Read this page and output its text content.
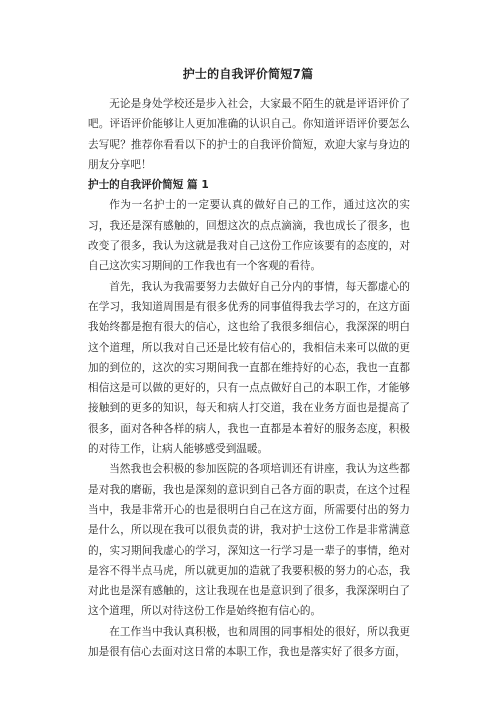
护士的自我评价简短7篇

无论是身处学校还是步入社会，大家最不陌生的就是评语评价了吧。评语评价能够让人更加准确的认识自己。你知道评语评价要怎么去写呢？推荐你看看以下的护士的自我评价简短，欢迎大家与身边的朋友分享吧！

护士的自我评价简短 篇 1

作为一名护士的一定要认真的做好自己的工作，通过这次的实习，我还是深有感触的，回想这次的点点滴滴，我也成长了很多，也改变了很多，我认为这就是我对自己这份工作应该要有的态度的，对自己这次实习期间的工作我也有一个客观的看待。

首先，我认为我需要努力去做好自己分内的事情，每天都虚心的在学习，我知道周围是有很多优秀的同事值得我去学习的，在这方面我始终都是抱有很大的信心，这也给了我很多细信心，我深深的明白这个道理，所以我对自己还是比较有信心的，我相信未来可以做的更加的到位的，这次的实习期间我一直都在维持好的心态，我也一直都相信这是可以做的更好的，只有一点点做好自己的本职工作，才能够接触到的更多的知识，每天和病人打交道，我在业务方面也是提高了很多，面对各种各样的病人，我也一直都是本着好的服务态度，积极的对待工作，让病人能够感受到温暖。

当然我也会积极的参加医院的各项培训还有讲座，我认为这些都是对我的磨砺，我也是深刻的意识到自己各方面的职责，在这个过程当中，我是非常开心的也是很明白自己在这方面，所需要付出的努力是什么，所以现在我可以很负责的讲，我对护士这份工作是非常满意的，实习期间我虚心的学习，深知这一行学习是一辈子的事情，绝对是容不得半点马虎，所以就更加的造就了我要积极的努力的心态，我对此也是深有感触的，这让我现在也是意识到了很多，我深深明白了这个道理，所以对待这份工作是始终抱有信心的。

在工作当中我认真积极，也和周围的同事相处的很好，所以我更加是很有信心去面对这日常的本职工作，我也是落实好了很多方面，
